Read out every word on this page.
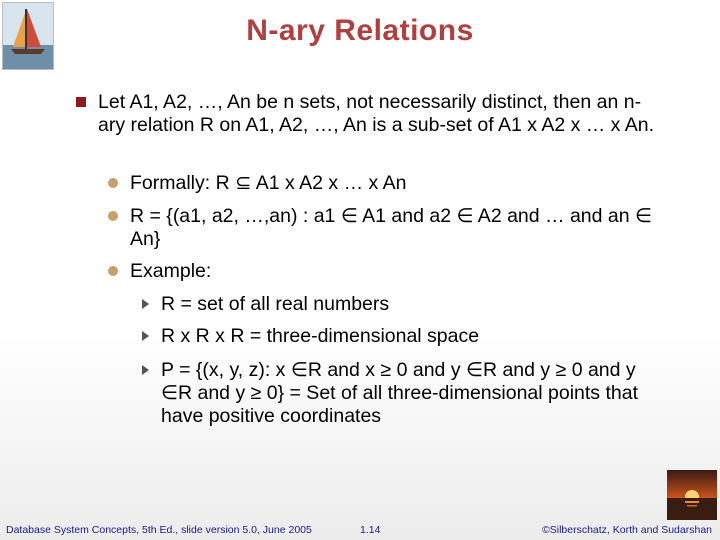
N-ary Relations
Let A1, A2, …, An be n sets, not necessarily distinct, then an n-ary relation R on A1, A2, …, An is a sub-set of A1 x A2 x … x An.
Formally: R ⊆ A1 x A2 x … x An
R = {(a1, a2, …,an) : a1 ∈ A1 and a2 ∈ A2 and … and an ∈ An}
Example:
R = set of all real numbers
R x R x R = three-dimensional space
P = {(x, y, z): x ∈R and x ≥ 0 and y ∈R and y ≥ 0 and y ∈R and y ≥ 0} = Set of all three-dimensional points that have positive coordinates
Database System Concepts, 5th Ed., slide version 5.0, June 2005	1.14	©Silberschatz, Korth and Sudarshan
